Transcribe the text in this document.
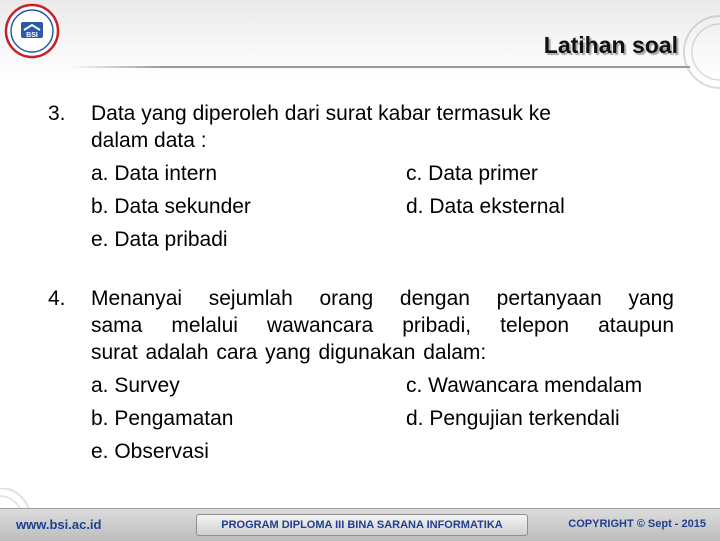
BSI	Latihan soal
3. Data yang diperoleh dari surat kabar termasuk ke
dalam data :
a. Data intern	c. Data primer
b. Data sekunder	d. Data eksternal
e. Data pribadi
4. Menanyai sejumlah orang dengan pertanyaan yang
sama melalui wawancara pribadi, telepon ataupun
surat adalah cara yang digunakan dalam:
a. Survey	c. Wawancara mendalam
b. Pengamatan	d. Pengujian terkendali
e. Observasi
www.bsi.ac.id	PROGRAM DIPLOMA III BINA SARANA INFORMATIKA	COPYRIGHT © Sept - 2015
